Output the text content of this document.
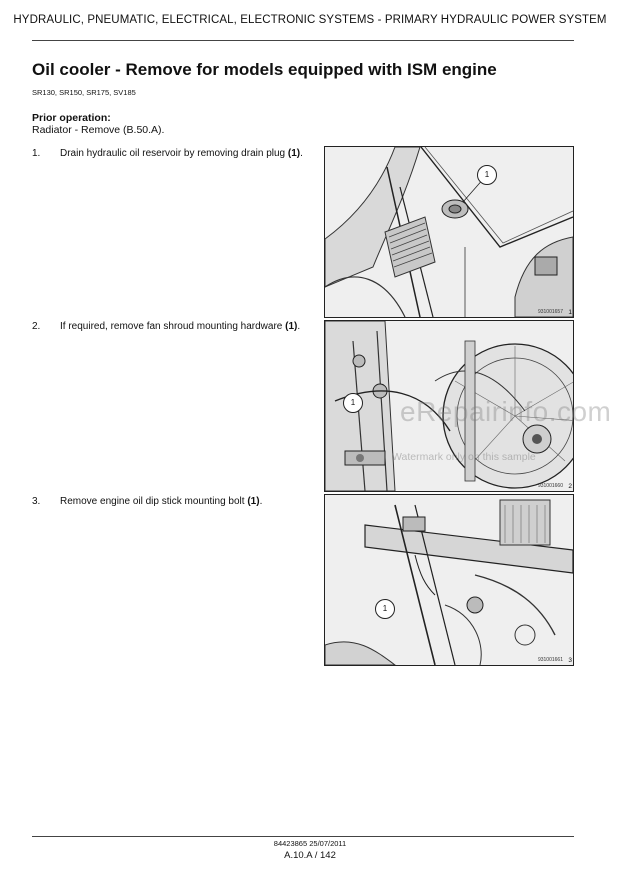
HYDRAULIC, PNEUMATIC, ELECTRICAL, ELECTRONIC SYSTEMS - PRIMARY HYDRAULIC POWER SYSTEM
Oil cooler - Remove for models equipped with ISM engine
SR130, SR150, SR175, SV185
Prior operation:
Radiator - Remove (B.50.A).
1. Drain hydraulic oil reservoir by removing drain plug (1).
1
931001657 1
2. If required, remove fan shroud mounting hardware (1).
1
931001660 2
3. Remove engine oil dip stick mounting bolt (1).
1
931001661 3
eRepairinfo.com
Watermark only on this sample
84423865 25/07/2011
A.10.A / 142
